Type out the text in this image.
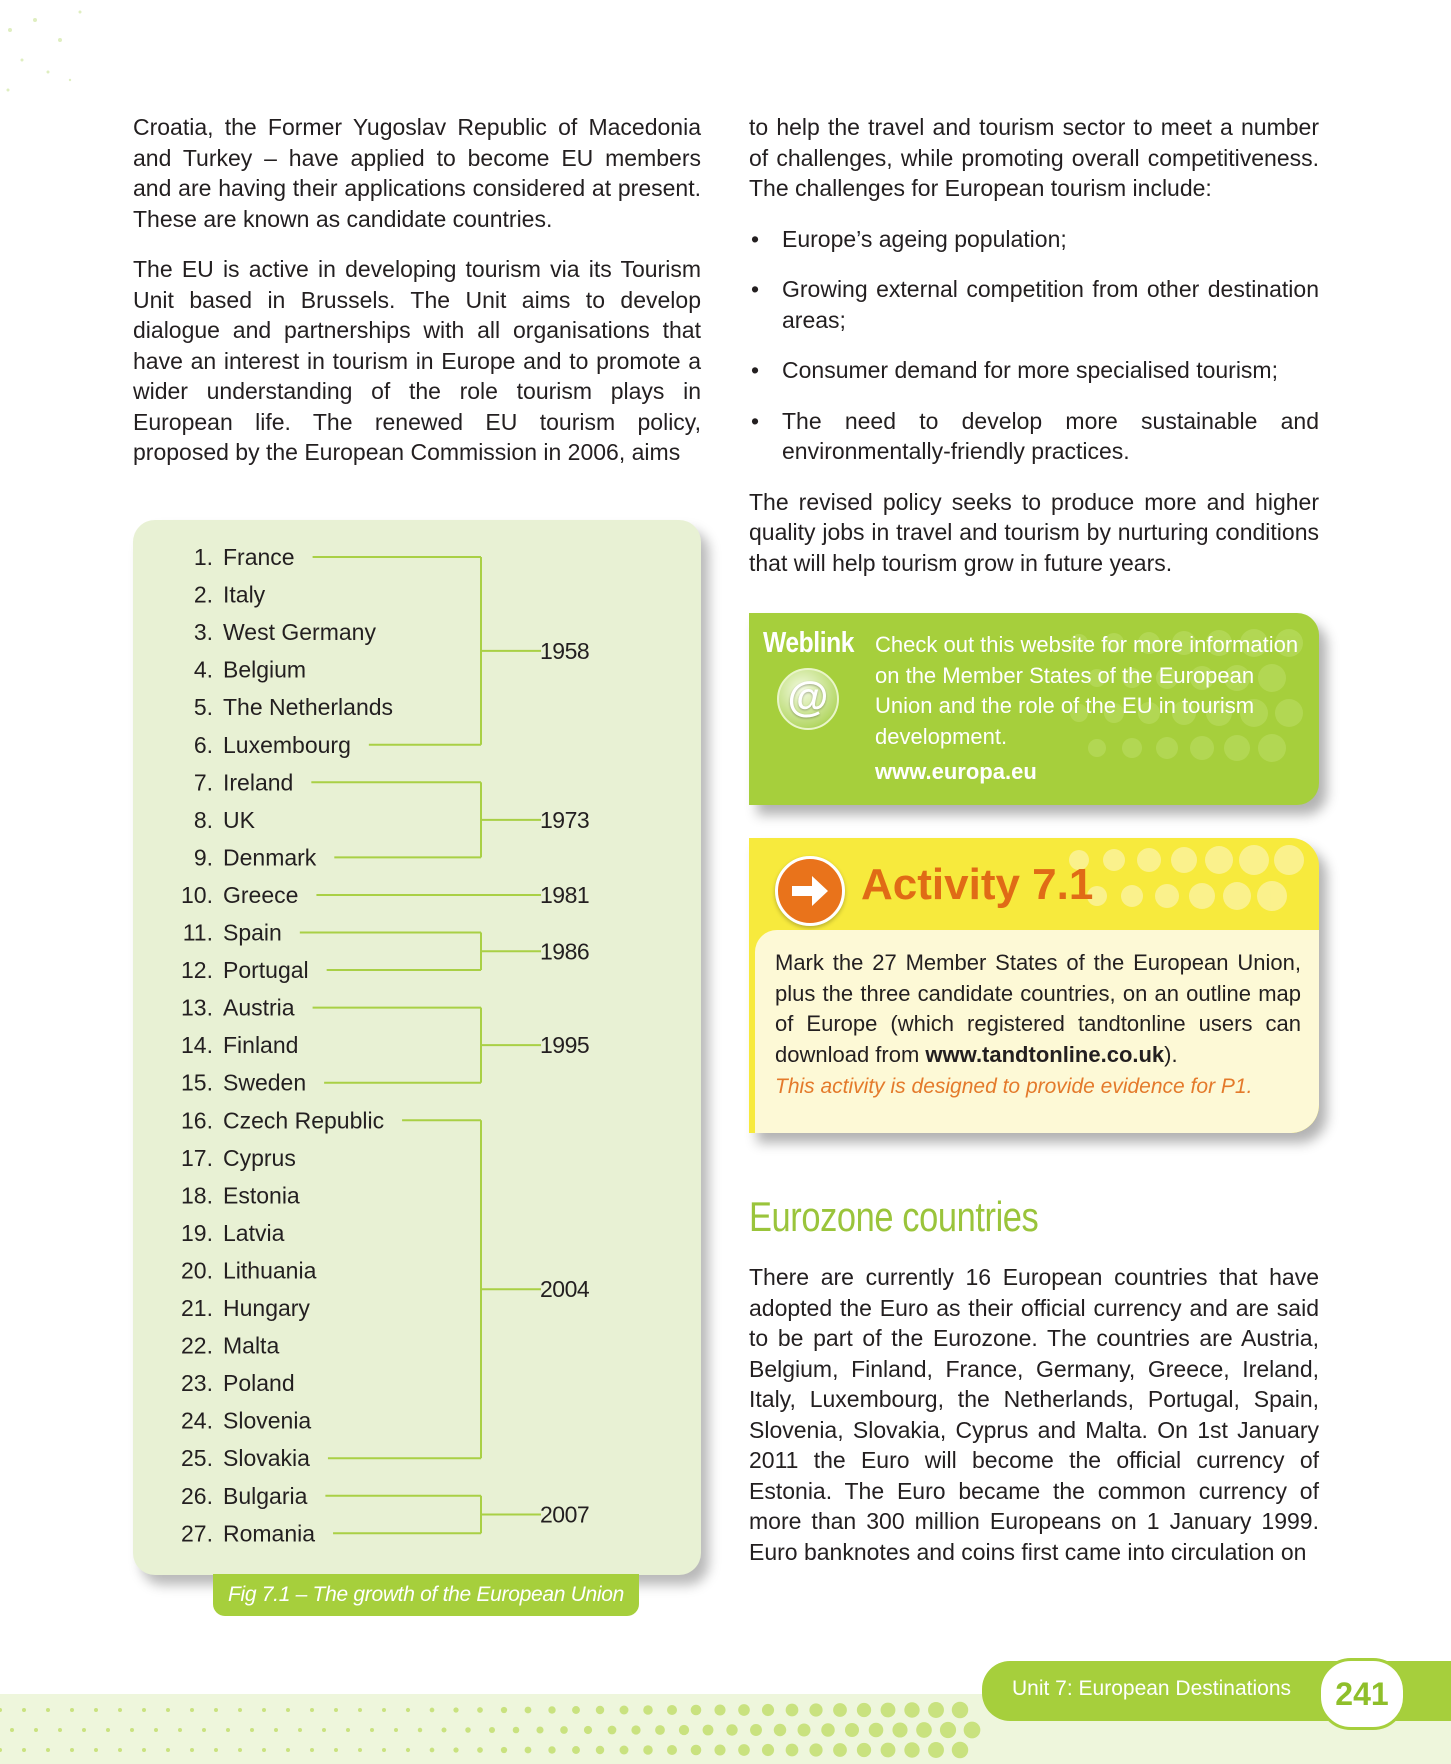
Croatia, the Former Yugoslav Republic of Macedonia and Turkey – have applied to become EU members and are having their applications considered at present. These are known as candidate countries.

The EU is active in developing tourism via its Tourism Unit based in Brussels. The Unit aims to develop dialogue and partnerships with all organisations that have an interest in tourism in Europe and to promote a wider understanding of the role tourism plays in European life. The renewed EU tourism policy, proposed by the European Commission in 2006, aims

to help the travel and tourism sector to meet a number of challenges, while promoting overall competitiveness. The challenges for European tourism include:

• Europe’s ageing population;
• Growing external competition from other destination areas;
• Consumer demand for more specialised tourism;
• The need to develop more sustainable and environmentally-friendly practices.

The revised policy seeks to produce more and higher quality jobs in travel and tourism by nurturing conditions that will help tourism grow in future years.

1. France
2. Italy
3. West Germany
4. Belgium
5. The Netherlands
6. Luxembourg
7. Ireland
8. UK
9. Denmark
10. Greece
11. Spain
12. Portugal
13. Austria
14. Finland
15. Sweden
16. Czech Republic
17. Cyprus
18. Estonia
19. Latvia
20. Lithuania
21. Hungary
22. Malta
23. Poland
24. Slovenia
25. Slovakia
26. Bulgaria
27. Romania
1958
1973
1981
1986
1995
2004
2007
Fig 7.1 – The growth of the European Union
Weblink
@
Check out this website for more information on the Member States of the European Union and the role of the EU in tourism development.
www.europa.eu
Activity 7.1

Mark the 27 Member States of the European Union, plus the three candidate countries, on an outline map of Europe (which registered tandtonline users can download from www.tandtonline.co.uk).

This activity is designed to provide evidence for P1.
Eurozone countries

There are currently 16 European countries that have adopted the Euro as their official currency and are said to be part of the Eurozone. The countries are Austria, Belgium, Finland, France, Germany, Greece, Ireland, Italy, Luxembourg, the Netherlands, Portugal, Spain, Slovenia, Slovakia, Cyprus and Malta. On 1st January 2011 the Euro will become the official currency of Estonia. The Euro became the common currency of more than 300 million Europeans on 1 January 1999. Euro banknotes and coins first came into circulation on

Unit 7: European Destinations	241
